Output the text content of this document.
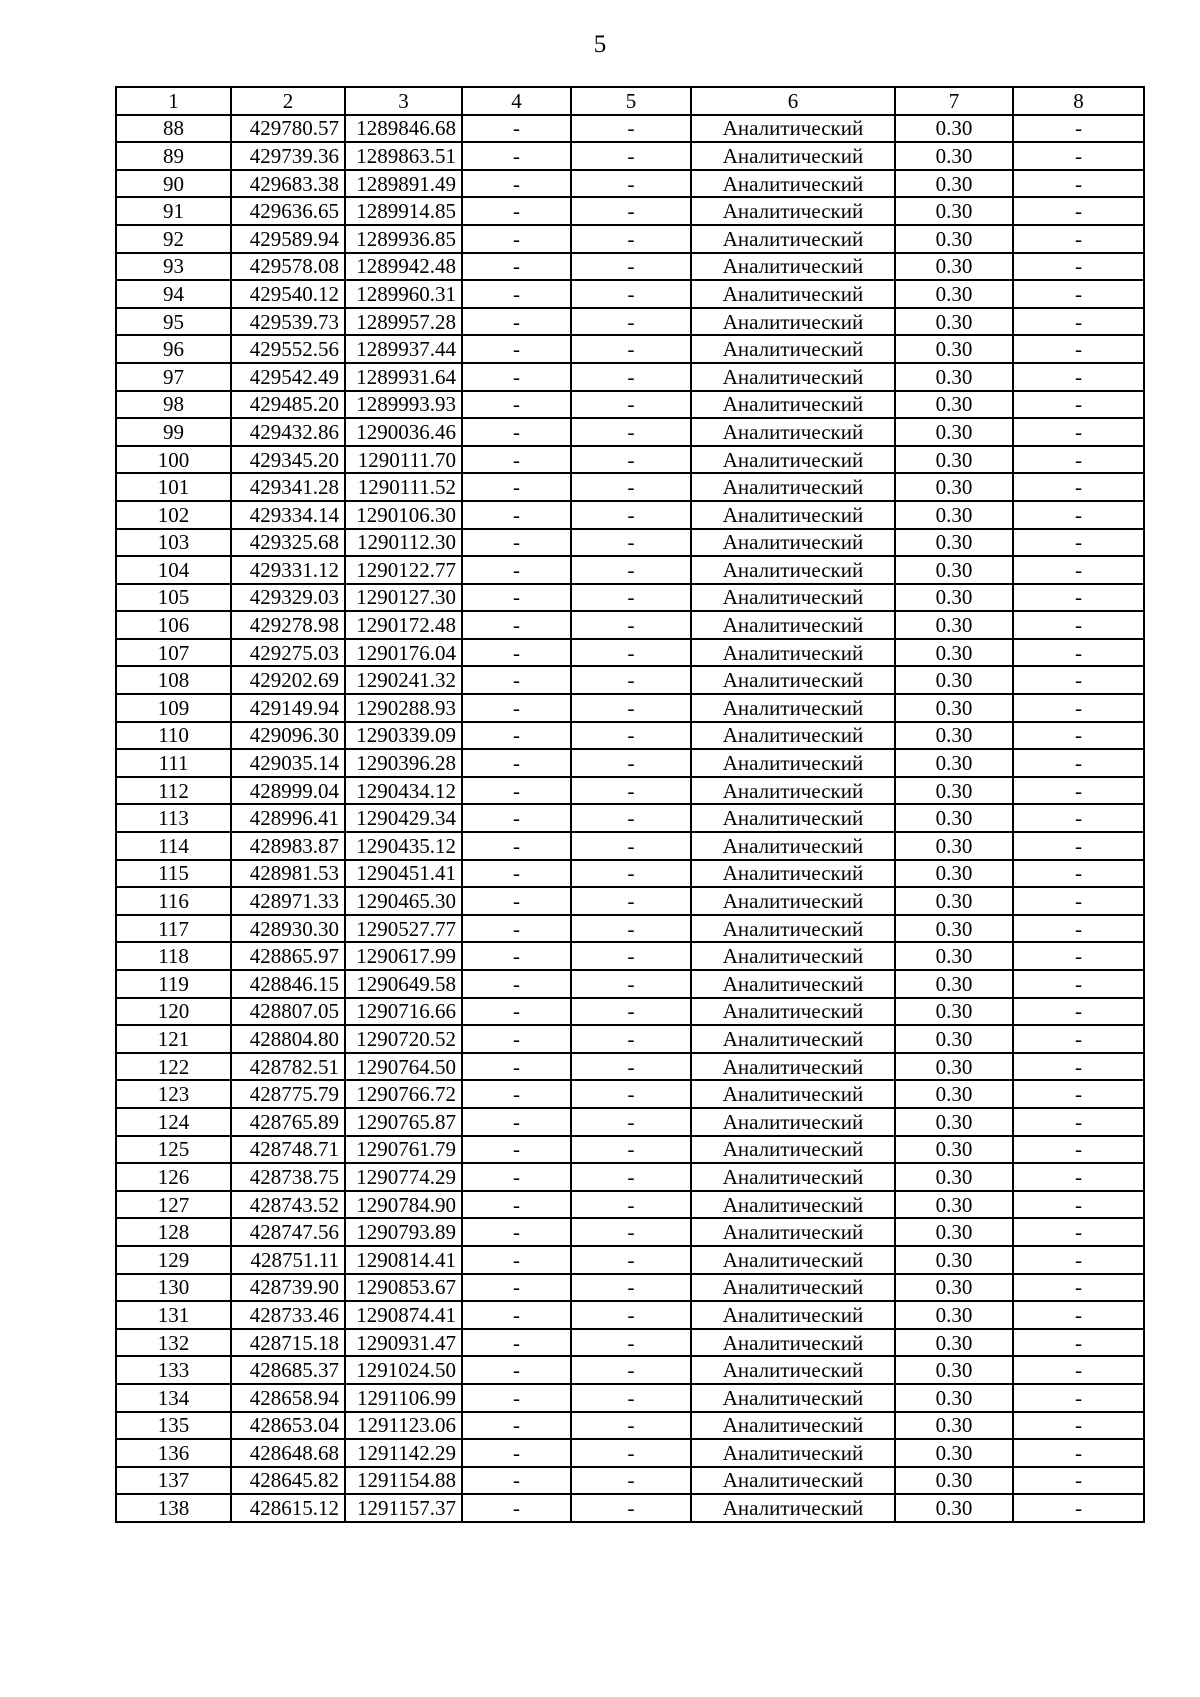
5
1	2	3	4	5	6	7	8
88	429780.57	1289846.68	-	-	Аналитический	0.30	-
89	429739.36	1289863.51	-	-	Аналитический	0.30	-
90	429683.38	1289891.49	-	-	Аналитический	0.30	-
91	429636.65	1289914.85	-	-	Аналитический	0.30	-
92	429589.94	1289936.85	-	-	Аналитический	0.30	-
93	429578.08	1289942.48	-	-	Аналитический	0.30	-
94	429540.12	1289960.31	-	-	Аналитический	0.30	-
95	429539.73	1289957.28	-	-	Аналитический	0.30	-
96	429552.56	1289937.44	-	-	Аналитический	0.30	-
97	429542.49	1289931.64	-	-	Аналитический	0.30	-
98	429485.20	1289993.93	-	-	Аналитический	0.30	-
99	429432.86	1290036.46	-	-	Аналитический	0.30	-
100	429345.20	1290111.70	-	-	Аналитический	0.30	-
101	429341.28	1290111.52	-	-	Аналитический	0.30	-
102	429334.14	1290106.30	-	-	Аналитический	0.30	-
103	429325.68	1290112.30	-	-	Аналитический	0.30	-
104	429331.12	1290122.77	-	-	Аналитический	0.30	-
105	429329.03	1290127.30	-	-	Аналитический	0.30	-
106	429278.98	1290172.48	-	-	Аналитический	0.30	-
107	429275.03	1290176.04	-	-	Аналитический	0.30	-
108	429202.69	1290241.32	-	-	Аналитический	0.30	-
109	429149.94	1290288.93	-	-	Аналитический	0.30	-
110	429096.30	1290339.09	-	-	Аналитический	0.30	-
111	429035.14	1290396.28	-	-	Аналитический	0.30	-
112	428999.04	1290434.12	-	-	Аналитический	0.30	-
113	428996.41	1290429.34	-	-	Аналитический	0.30	-
114	428983.87	1290435.12	-	-	Аналитический	0.30	-
115	428981.53	1290451.41	-	-	Аналитический	0.30	-
116	428971.33	1290465.30	-	-	Аналитический	0.30	-
117	428930.30	1290527.77	-	-	Аналитический	0.30	-
118	428865.97	1290617.99	-	-	Аналитический	0.30	-
119	428846.15	1290649.58	-	-	Аналитический	0.30	-
120	428807.05	1290716.66	-	-	Аналитический	0.30	-
121	428804.80	1290720.52	-	-	Аналитический	0.30	-
122	428782.51	1290764.50	-	-	Аналитический	0.30	-
123	428775.79	1290766.72	-	-	Аналитический	0.30	-
124	428765.89	1290765.87	-	-	Аналитический	0.30	-
125	428748.71	1290761.79	-	-	Аналитический	0.30	-
126	428738.75	1290774.29	-	-	Аналитический	0.30	-
127	428743.52	1290784.90	-	-	Аналитический	0.30	-
128	428747.56	1290793.89	-	-	Аналитический	0.30	-
129	428751.11	1290814.41	-	-	Аналитический	0.30	-
130	428739.90	1290853.67	-	-	Аналитический	0.30	-
131	428733.46	1290874.41	-	-	Аналитический	0.30	-
132	428715.18	1290931.47	-	-	Аналитический	0.30	-
133	428685.37	1291024.50	-	-	Аналитический	0.30	-
134	428658.94	1291106.99	-	-	Аналитический	0.30	-
135	428653.04	1291123.06	-	-	Аналитический	0.30	-
136	428648.68	1291142.29	-	-	Аналитический	0.30	-
137	428645.82	1291154.88	-	-	Аналитический	0.30	-
138	428615.12	1291157.37	-	-	Аналитический	0.30	-
